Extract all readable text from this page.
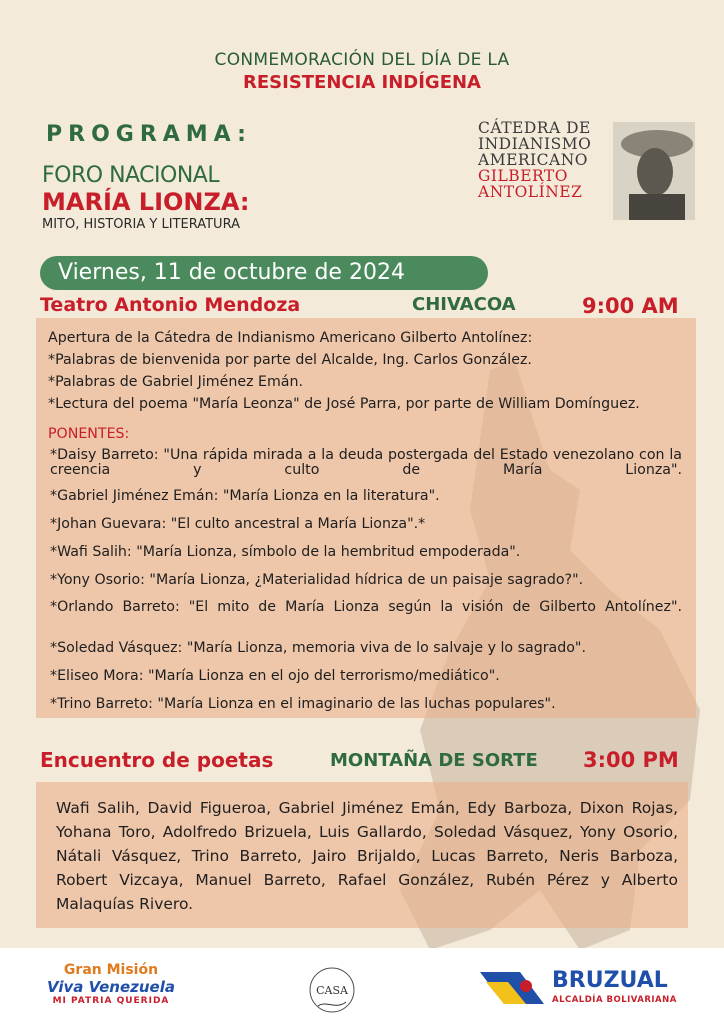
CONMEMORACIÓN DEL DÍA DE LA
RESISTENCIA INDÍGENA
PROGRAMA:
FORO NACIONAL
MARÍA LIONZA:
MITO, HISTORIA Y LITERATURA
CÁTEDRA DE
INDIANISMO
AMERICANO
GILBERTO
ANTOLÍNEZ
Viernes, 11 de octubre de 2024
Teatro Antonio Mendoza	CHIVACOA	9:00 AM
Apertura de la Cátedra de Indianismo Americano Gilberto Antolínez:
*Palabras de bienvenida por parte del Alcalde, Ing. Carlos González.
*Palabras de Gabriel Jiménez Emán.
*Lectura del poema "María Leonza" de José Parra, por parte de William Domínguez.
PONENTES:
*Daisy Barreto: "Una rápida mirada a la deuda postergada del Estado venezolano con la creencia y culto de María Lionza".
*Gabriel Jiménez Emán: "María Lionza en la literatura".
*Johan Guevara: "El culto ancestral a María Lionza".*
*Wafi Salih: "María Lionza, símbolo de la hembritud empoderada".
*Yony Osorio: "María Lionza, ¿Materialidad hídrica de un paisaje sagrado?".
*Orlando Barreto: "El mito de María Lionza según la visión de Gilberto Antolínez".
*Soledad Vásquez: "María Lionza, memoria viva de lo salvaje y lo sagrado".
*Eliseo Mora: "María Lionza en el ojo del terrorismo/mediático".
*Trino Barreto: "María Lionza en el imaginario de las luchas populares".
Encuentro de poetas	MONTAÑA DE SORTE 3:00 PM
Wafi Salih, David Figueroa, Gabriel Jiménez Emán, Edy Barboza, Dixon Rojas, Yohana Toro, Adolfredo Brizuela, Luis Gallardo, Soledad Vásquez, Yony Osorio, Nátali Vásquez, Trino Barreto, Jairo Brijaldo, Lucas Barreto, Neris Barboza, Robert Vizcaya, Manuel Barreto, Rafael González, Rubén Pérez y Alberto Malaquías Rivero.
Gran Misión
Viva Venezuela
MI PATRIA QUERIDA
CASA	BRUZUAL
ALCALDÍA BOLIVARIANA
